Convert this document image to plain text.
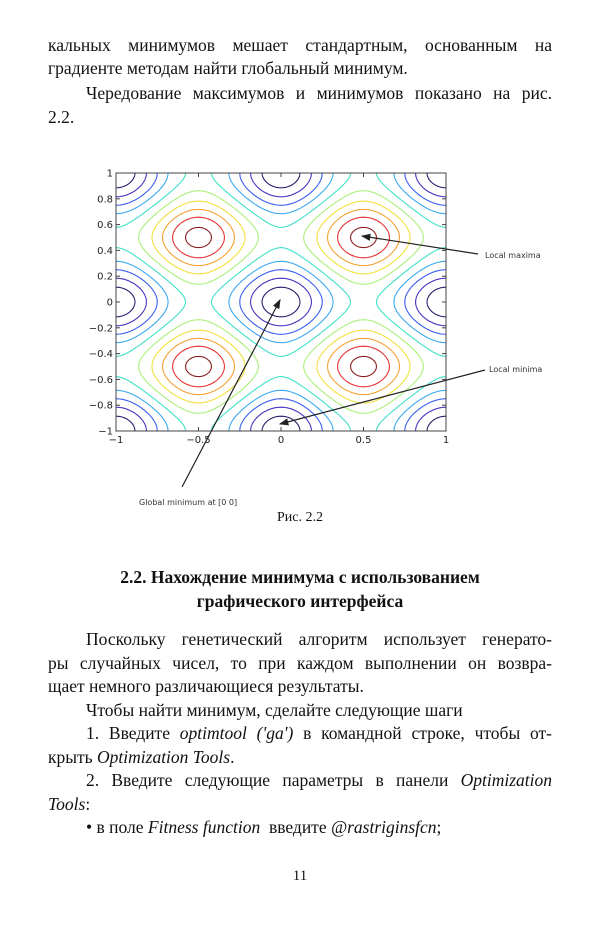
кальных минимумов мешает стандартным, основанным на
градиенте методам найти глобальный минимум.
Чередование максимумов и минимумов показано на рис.
2.2.
−1	−0.5	0	0.5	1
1
0.8
0.6
0.4
0.2
0
−0.2
−0.4
−0.6
−0.8
−1
Local maxima
Local minima
Global minimum at [0 0]
Рис. 2.2
2.2. Нахождение минимума с использованием
графического интерфейса
Поскольку генетический алгоритм использует генерато-
ры случайных чисел, то при каждом выполнении он возвра-
щает немного различающиеся результаты.
Чтобы найти минимум, сделайте следующие шаги
1. Введите optimtool ('ga') в командной строке, чтобы от-
крыть Optimization Tools.
2. Введите следующие параметры в панели Optimization
Tools:
• в поле Fitness function  введите @rastriginsfcn;
11
